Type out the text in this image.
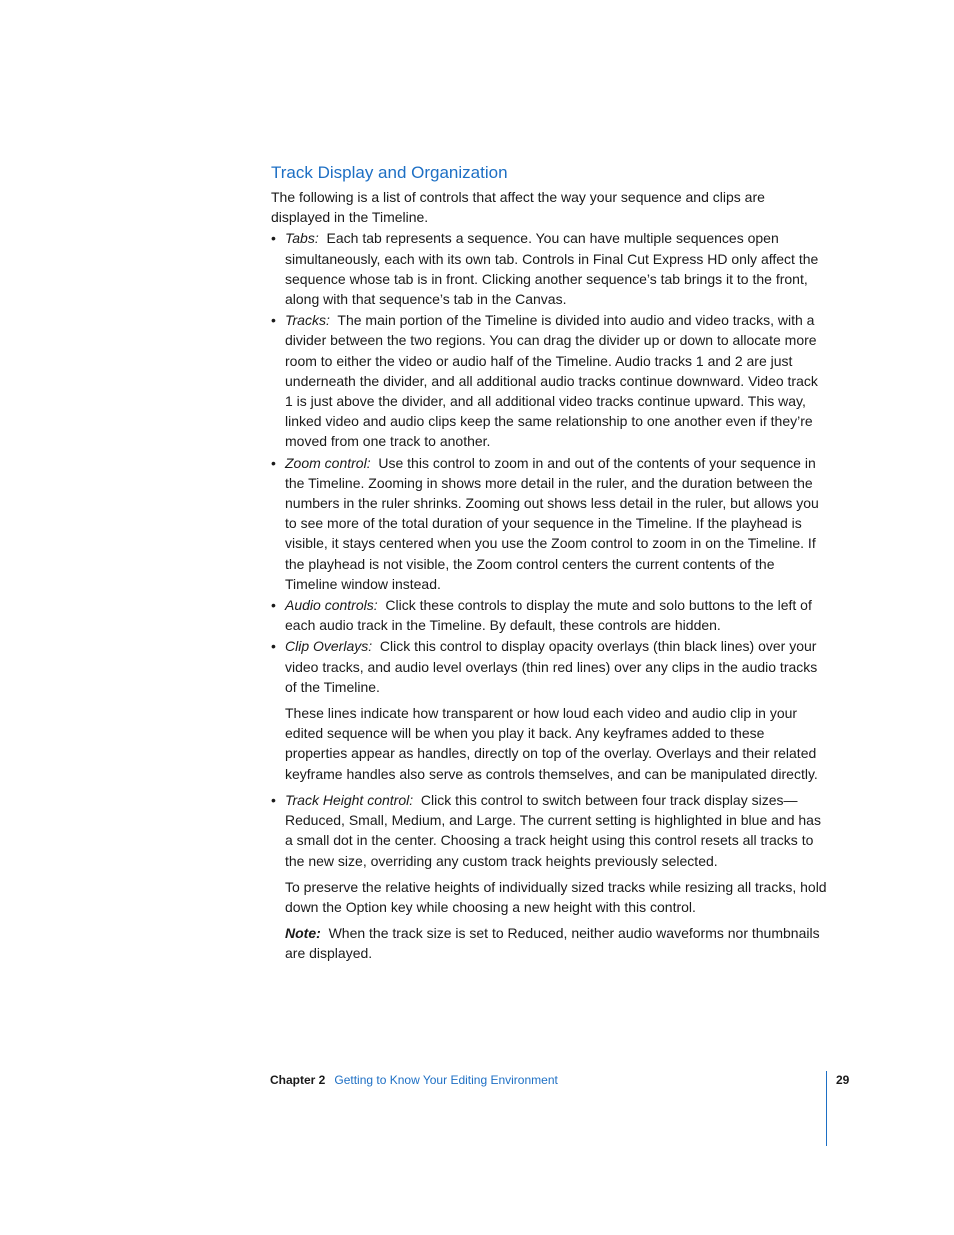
Track Display and Organization

The following is a list of controls that affect the way your sequence and clips are displayed in the Timeline.

• Tabs: Each tab represents a sequence. You can have multiple sequences open simultaneously, each with its own tab. Controls in Final Cut Express HD only affect the sequence whose tab is in front. Clicking another sequence’s tab brings it to the front, along with that sequence’s tab in the Canvas.
• Tracks: The main portion of the Timeline is divided into audio and video tracks, with a divider between the two regions. You can drag the divider up or down to allocate more room to either the video or audio half of the Timeline. Audio tracks 1 and 2 are just underneath the divider, and all additional audio tracks continue downward. Video track 1 is just above the divider, and all additional video tracks continue upward. This way, linked video and audio clips keep the same relationship to one another even if they’re moved from one track to another.
• Zoom control: Use this control to zoom in and out of the contents of your sequence in the Timeline. Zooming in shows more detail in the ruler, and the duration between the numbers in the ruler shrinks. Zooming out shows less detail in the ruler, but allows you to see more of the total duration of your sequence in the Timeline. If the playhead is visible, it stays centered when you use the Zoom control to zoom in on the Timeline. If the playhead is not visible, the Zoom control centers the current contents of the Timeline window instead.
• Audio controls: Click these controls to display the mute and solo buttons to the left of each audio track in the Timeline. By default, these controls are hidden.
• Clip Overlays: Click this control to display opacity overlays (thin black lines) over your video tracks, and audio level overlays (thin red lines) over any clips in the audio tracks of the Timeline.

These lines indicate how transparent or how loud each video and audio clip in your edited sequence will be when you play it back. Any keyframes added to these properties appear as handles, directly on top of the overlay. Overlays and their related keyframe handles also serve as controls themselves, and can be manipulated directly.

• Track Height control: Click this control to switch between four track display sizes—Reduced, Small, Medium, and Large. The current setting is highlighted in blue and has a small dot in the center. Choosing a track height using this control resets all tracks to the new size, overriding any custom track heights previously selected.

To preserve the relative heights of individually sized tracks while resizing all tracks, hold down the Option key while choosing a new height with this control.

Note: When the track size is set to Reduced, neither audio waveforms nor thumbnails are displayed.

Chapter 2 Getting to Know Your Editing Environment	29
